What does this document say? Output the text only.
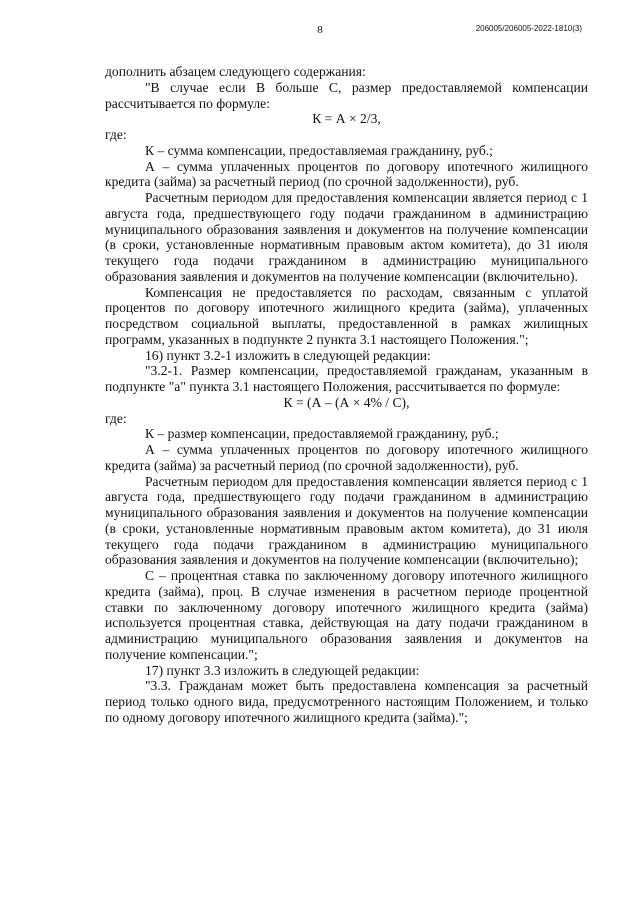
8	206005/206005-2022-1810(3)

дополнить абзацем следующего содержания:

"В случае если В больше С, размер предоставляемой компенсации рассчитывается по формуле:

К = А × 2/3,

где:

К – сумма компенсации, предоставляемая гражданину, руб.;

А – сумма уплаченных процентов по договору ипотечного жилищного кредита (займа) за расчетный период (по срочной задолженности), руб.

Расчетным периодом для предоставления компенсации является период с 1 августа года, предшествующего году подачи гражданином в администрацию муниципального образования заявления и документов на получение компенсации (в сроки, установленные нормативным правовым актом комитета), до 31 июля текущего года подачи гражданином в администрацию муниципального образования заявления и документов на получение компенсации (включительно).

Компенсация не предоставляется по расходам, связанным с уплатой процентов по договору ипотечного жилищного кредита (займа), уплаченных посредством социальной выплаты, предоставленной в рамках жилищных программ, указанных в подпункте 2 пункта 3.1 настоящего Положения.";

16) пункт 3.2-1 изложить в следующей редакции:

"3.2-1. Размер компенсации, предоставляемой гражданам, указанным в подпункте "а" пункта 3.1 настоящего Положения, рассчитывается по формуле:

К = (А – (А × 4% / С),

где:

К – размер компенсации, предоставляемой гражданину, руб.;

А – сумма уплаченных процентов по договору ипотечного жилищного кредита (займа) за расчетный период (по срочной задолженности), руб.

Расчетным периодом для предоставления компенсации является период с 1 августа года, предшествующего году подачи гражданином в администрацию муниципального образования заявления и документов на получение компенсации (в сроки, установленные нормативным правовым актом комитета), до 31 июля текущего года подачи гражданином в администрацию муниципального образования заявления и документов на получение компенсации (включительно);

С – процентная ставка по заключенному договору ипотечного жилищного кредита (займа), проц. В случае изменения в расчетном периоде процентной ставки по заключенному договору ипотечного жилищного кредита (займа) используется процентная ставка, действующая на дату подачи гражданином в администрацию муниципального образования заявления и документов на получение компенсации.";

17) пункт 3.3 изложить в следующей редакции:

"3.3. Гражданам может быть предоставлена компенсация за расчетный период только одного вида, предусмотренного настоящим Положением, и только по одному договору ипотечного жилищного кредита (займа).";
